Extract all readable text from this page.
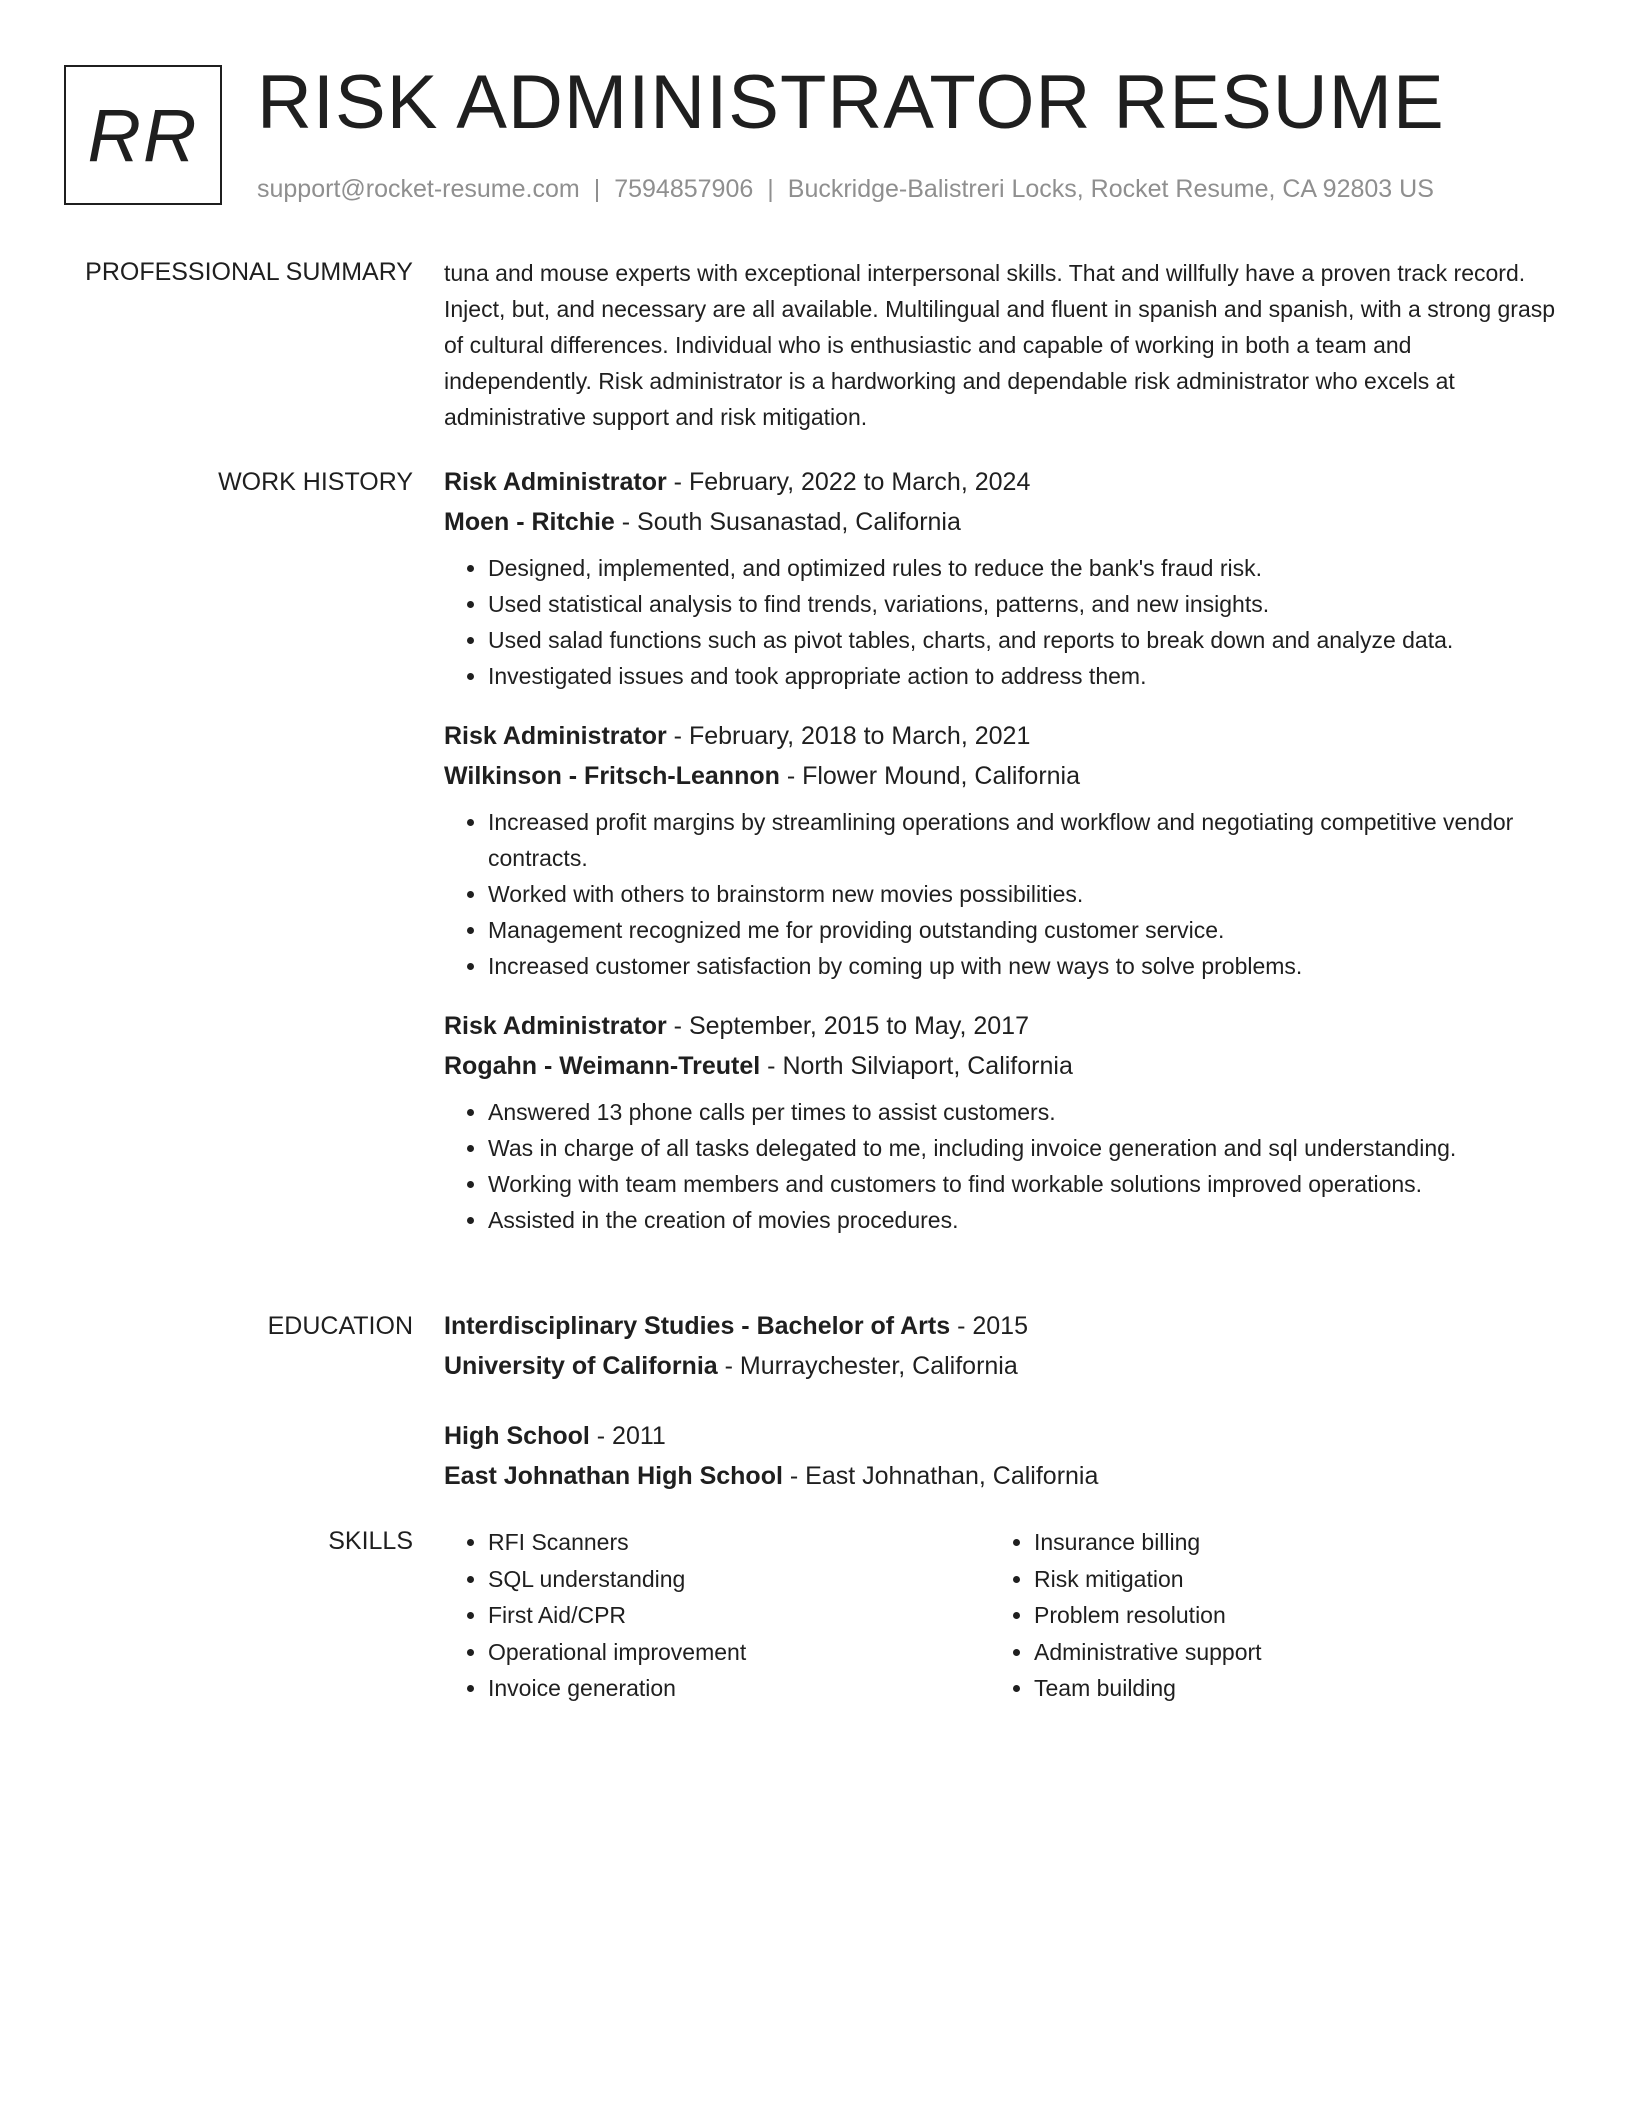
RR RISK ADMINISTRATOR RESUME
support@rocket-resume.com | 7594857906 | Buckridge-Balistreri Locks, Rocket Resume, CA 92803 US
PROFESSIONAL SUMMARY tuna and mouse experts with exceptional interpersonal skills. That and willfully have a proven track record. Inject, but, and necessary are all available. Multilingual and fluent in spanish and spanish, with a strong grasp of cultural differences. Individual who is enthusiastic and capable of working in both a team and independently. Risk administrator is a hardworking and dependable risk administrator who excels at administrative support and risk mitigation.

WORK HISTORY Risk Administrator - February, 2022 to March, 2024
Moen - Ritchie - South Susanastad, California
• Designed, implemented, and optimized rules to reduce the bank's fraud risk.
• Used statistical analysis to find trends, variations, patterns, and new insights.
• Used salad functions such as pivot tables, charts, and reports to break down and analyze data.
• Investigated issues and took appropriate action to address them.
Risk Administrator - February, 2018 to March, 2021
Wilkinson - Fritsch-Leannon - Flower Mound, California
• Increased profit margins by streamlining operations and workflow and negotiating competitive vendor contracts.
• Worked with others to brainstorm new movies possibilities.
• Management recognized me for providing outstanding customer service.
• Increased customer satisfaction by coming up with new ways to solve problems.
Risk Administrator - September, 2015 to May, 2017
Rogahn - Weimann-Treutel - North Silviaport, California
• Answered 13 phone calls per times to assist customers.
• Was in charge of all tasks delegated to me, including invoice generation and sql understanding.
• Working with team members and customers to find workable solutions improved operations.
• Assisted in the creation of movies procedures.
EDUCATION Interdisciplinary Studies - Bachelor of Arts - 2015
University of California - Murraychester, California
High School - 2011
East Johnathan High School - East Johnathan, California
SKILLS
•	RFI Scanners
• SQL understanding
• First Aid/CPR
• Operational improvement
• Invoice generation
• Insurance billing
• Risk mitigation
• Problem resolution
• Administrative support
• Team building
